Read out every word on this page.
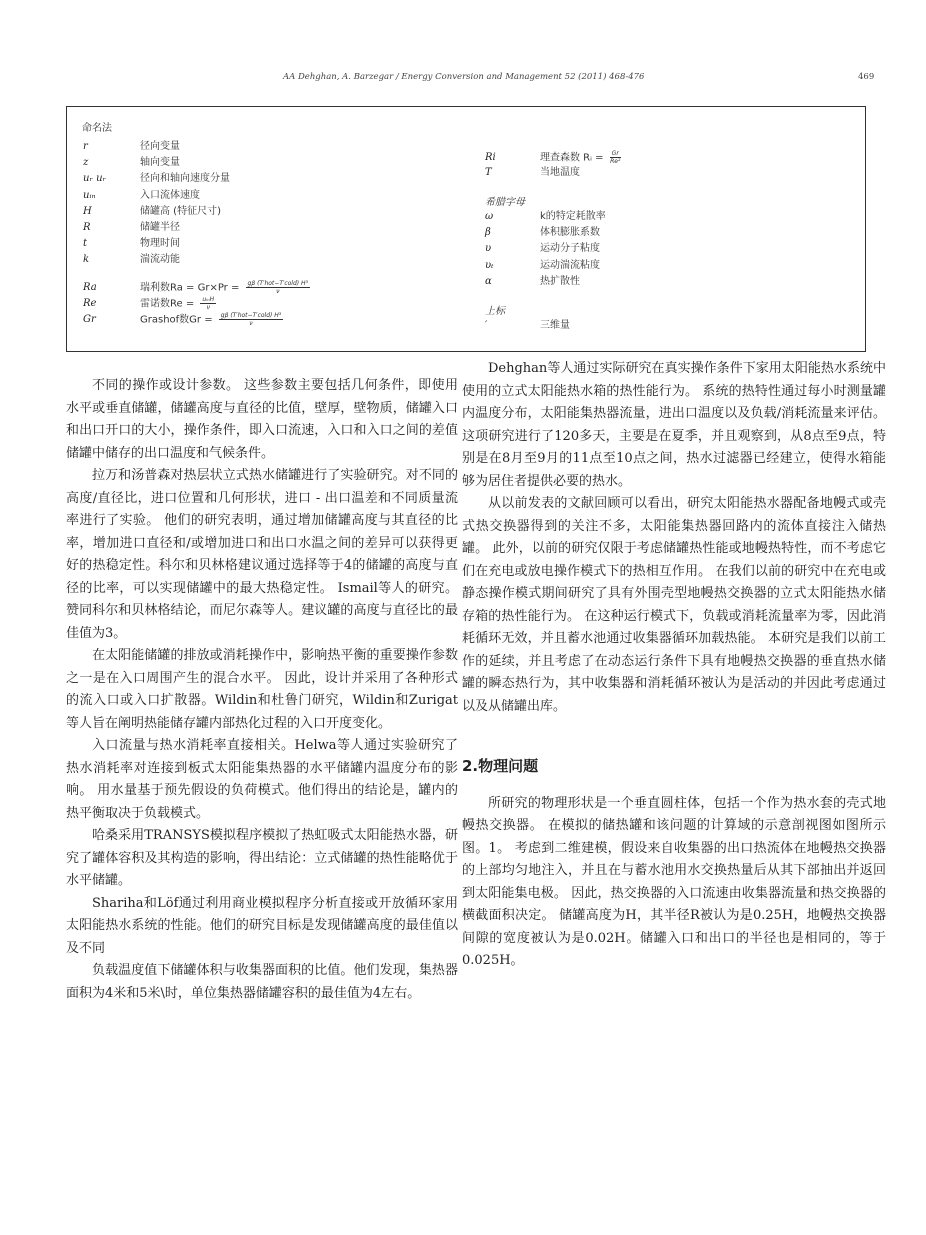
AA Dehghan, A. Barzegar / Energy Conversion and Management 52 (2011) 468-476	469
命名法
r	径向变量
z	轴向变量
uᵣ uᵣ	径向和轴向速度分量
uᵢₙ	入口流体速度
H	储罐高 (特征尺寸)
R	储罐半径
t	物理时间
k	湍流动能
Ra	瑞利数$Ra = Gr\times Pr = \frac{\text{gβ (T′hot−T′cold) H³}}{\nu}$
Re	雷诺数$Re = \frac{\text{uᵢₙH}}{\nu}$
Gr	Grashof数$Gr = \frac{\text{gβ (T′hot−T′cold) H³}}{\nu}$
Ri	理查森数 Rᵢ = $\frac{Gr}{\text{Re²}}$
T	当地温度
希腊字母
ω	k的特定耗散率
β	体积膨胀系数
υ	运动分子粘度
υₜ	运动湍流粘度
α	热扩散性
上标
′	三维量

不同的操作或设计参数。 这些参数主要包括几何条件，即使用水平或垂直储罐，储罐高度与直径的比值，壁厚，壁物质，储罐入口和出口开口的大小，操作条件，即入口流速，入口和入口之间的差值储罐中储存的出口温度和气候条件。

拉万和汤普森对热层状立式热水储罐进行了实验研究。对不同的高度/直径比，进口位置和几何形状，进口 - 出口温差和不同质量流率进行了实验。 他们的研究表明，通过增加储罐高度与其直径的比率，增加进口直径和/或增加进口和出口水温之间的差异可以获得更好的热稳定性。科尔和贝林格建议通过选择等于4的储罐的高度与直径的比率，可以实现储罐中的最大热稳定性。 Ismail等人的研究。赞同科尔和贝林格结论，而尼尔森等人。建议罐的高度与直径比的最佳值为3。

在太阳能储罐的排放或消耗操作中，影响热平衡的重要操作参数之一是在入口周围产生的混合水平。 因此，设计并采用了各种形式的流入口或入口扩散器。Wildin和杜鲁门研究，Wildin和Zurigat等人旨在阐明热能储存罐内部热化过程的入口开度变化。

入口流量与热水消耗率直接相关。Helwa等人通过实验研究了热水消耗率对连接到板式太阳能集热器的水平储罐内温度分布的影响。 用水量基于预先假设的负荷模式。他们得出的结论是，罐内的热平衡取决于负载模式。

哈桑采用TRANSYS模拟程序模拟了热虹吸式太阳能热水器，研究了罐体容积及其构造的影响，得出结论：立式储罐的热性能略优于水平储罐。

Shariha和Löf通过利用商业模拟程序分析直接或开放循环家用太阳能热水系统的性能。他们的研究目标是发现储罐高度的最佳值以及不同

负载温度值下储罐体积与收集器面积的比值。他们发现，集热器面积为4米和5米\时，单位集热器储罐容积的最佳值为4左右。

Dehghan等人通过实际研究在真实操作条件下家用太阳能热水系统中使用的立式太阳能热水箱的热性能行为。 系统的热特性通过每小时测量罐内温度分布，太阳能集热器流量，进出口温度以及负载/消耗流量来评估。 这项研究进行了120多天，主要是在夏季，并且观察到，从8点至9点，特别是在8月至9月的11点至10点之间，热水过滤器已经建立，使得水箱能够为居住者提供必要的热水。

从以前发表的文献回顾可以看出，研究太阳能热水器配备地幔式或壳式热交换器得到的关注不多，太阳能集热器回路内的流体直接注入储热罐。 此外，以前的研究仅限于考虑储罐热性能或地幔热特性，而不考虑它们在充电或放电操作模式下的热相互作用。 在我们以前的研究中在充电或静态操作模式期间研究了具有外围壳型地幔热交换器的立式太阳能热水储存箱的热性能行为。 在这种运行模式下，负载或消耗流量率为零，因此消耗循环无效，并且蓄水池通过收集器循环加载热能。 本研究是我们以前工作的延续，并且考虑了在动态运行条件下具有地幔热交换器的垂直热水储罐的瞬态热行为，其中收集器和消耗循环被认为是活动的并因此考虑通过以及从储罐出库。

2.物理问题

所研究的物理形状是一个垂直圆柱体，包括一个作为热水套的壳式地幔热交换器。 在模拟的储热罐和该问题的计算域的示意剖视图如图所示图。1。 考虑到二维建模，假设来自收集器的出口热流体在地幔热交换器的上部均匀地注入，并且在与蓄水池用水交换热量后从其下部抽出并返回到太阳能集电极。 因此，热交换器的入口流速由收集器流量和热交换器的横截面积决定。 储罐高度为H，其半径R被认为是0.25H，地幔热交换器间隙的宽度被认为是0.02H。储罐入口和出口的半径也是相同的，等于0.025H。
